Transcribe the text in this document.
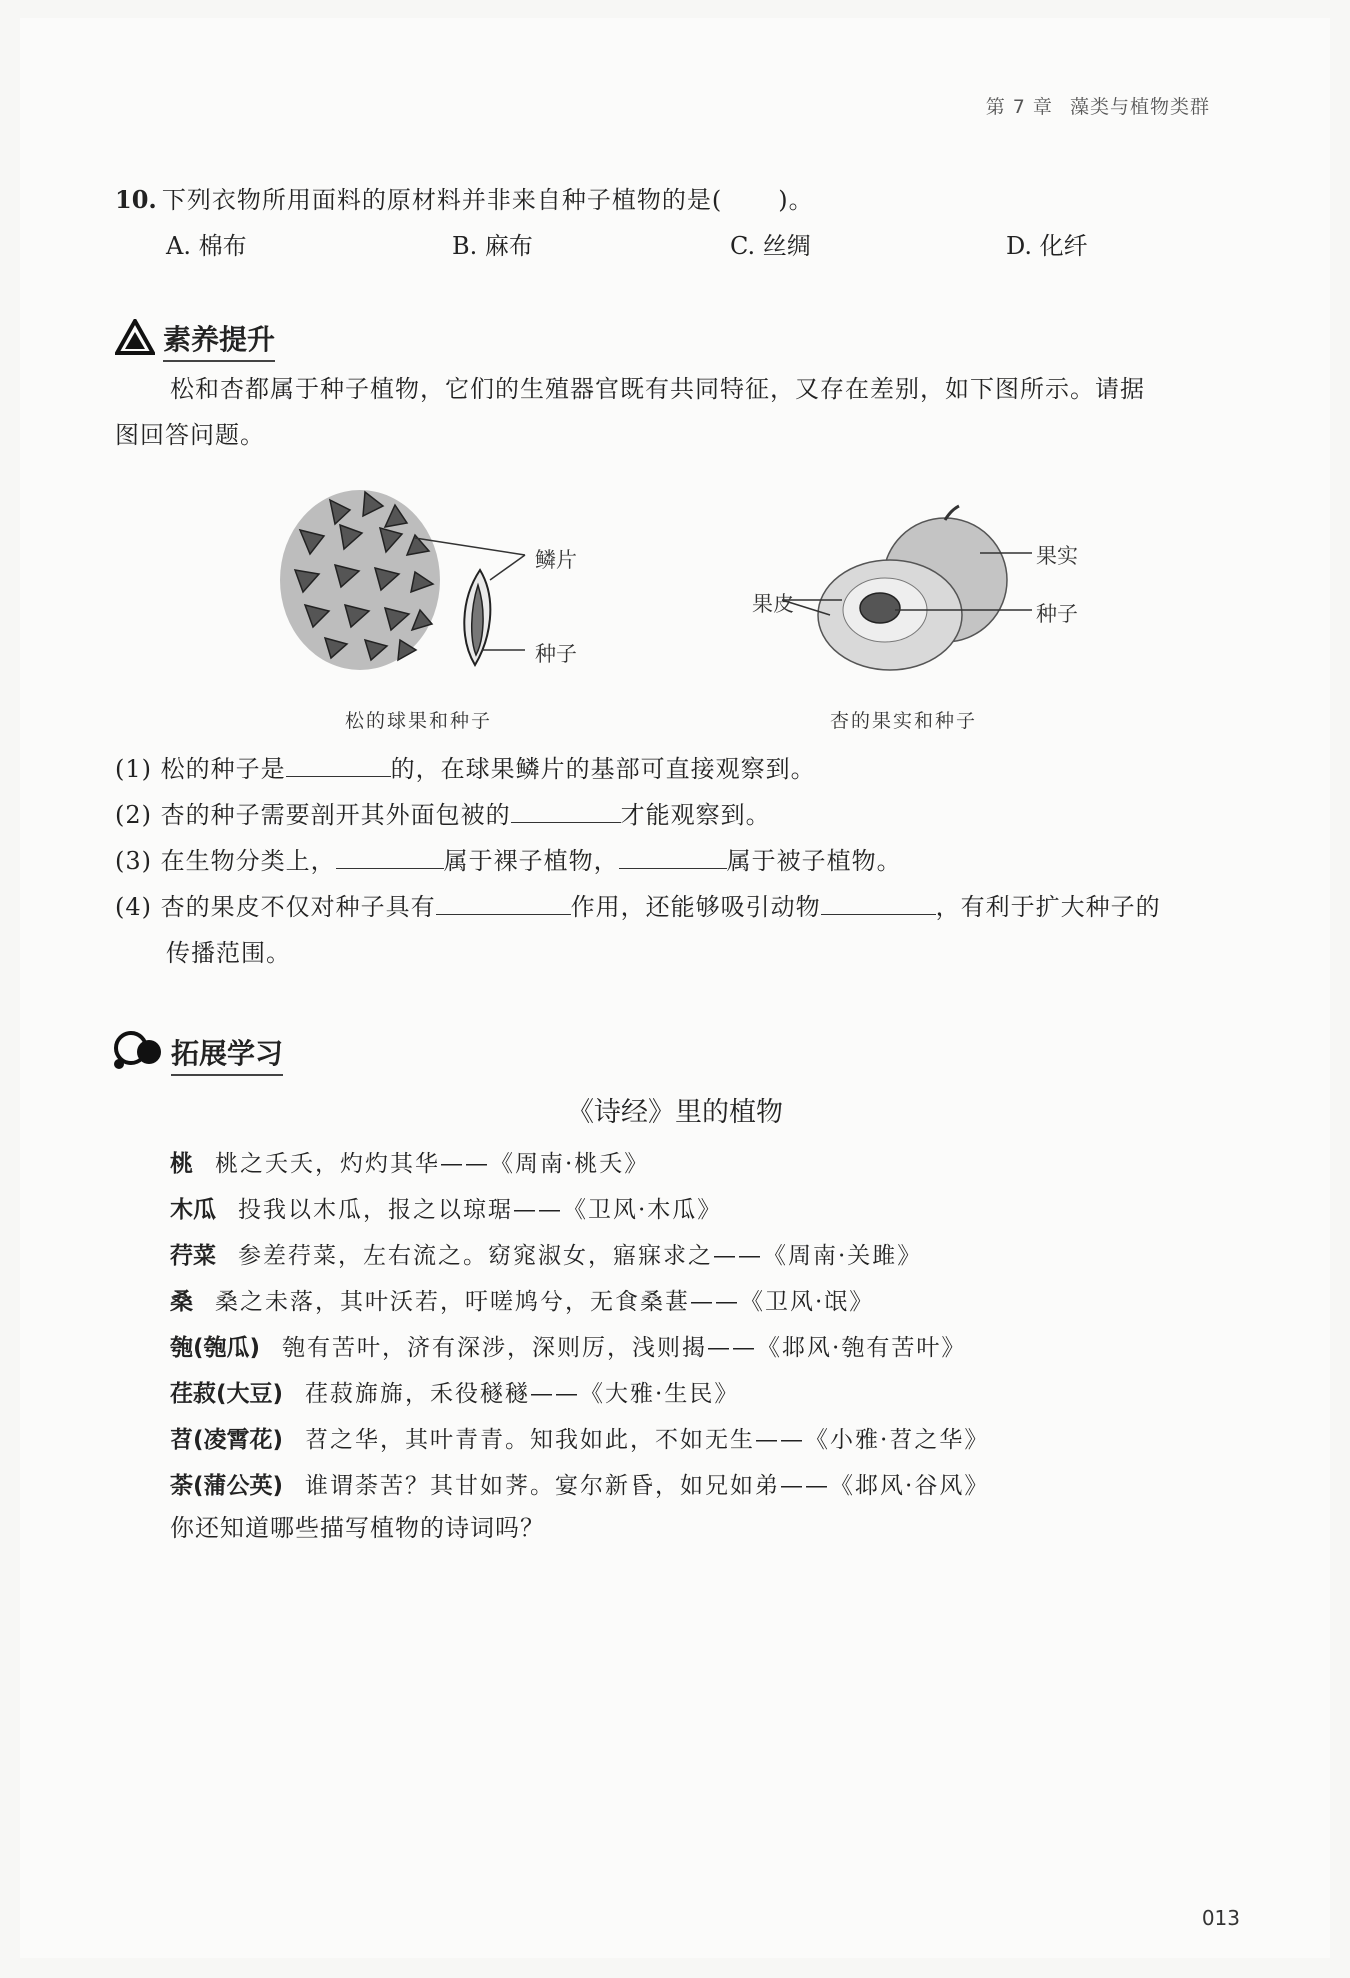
第 7 章 藻类与植物类群
10. 下列衣物所用面料的原材料并非来自种子植物的是( )。
A. 棉布	B. 麻布	C. 丝绸	D. 化纤
素养提升
松和杏都属于种子植物，它们的生殖器官既有共同特征，又存在差别，如下图所示。请据
图回答问题。
鳞片
种子
松的球果和种子
果皮
果实
种子
杏的果实和种子
(1) 松的种子是	的，在球果鳞片的基部可直接观察到。
(2) 杏的种子需要剖开其外面包被的	才能观察到。
(3) 在生物分类上，	属于裸子植物，	属于被子植物。
(4) 杏的果皮不仅对种子具有	作用，还能够吸引动物	，有利于扩大种子的
传播范围。
拓展学习
《诗经》里的植物
桃 桃之夭夭，灼灼其华——《周南·桃夭》
木瓜 投我以木瓜，报之以琼琚——《卫风·木瓜》
荇菜 参差荇菜，左右流之。窈窕淑女，寤寐求之——《周南·关雎》
桑 桑之未落，其叶沃若，吁嗟鸠兮，无食桑葚——《卫风·氓》
匏(匏瓜) 匏有苦叶，济有深涉，深则厉，浅则揭——《邶风·匏有苦叶》
荏菽(大豆) 荏菽旆旆，禾役穟穟——《大雅·生民》
苕(凌霄花) 苕之华，其叶青青。知我如此，不如无生——《小雅·苕之华》
荼(蒲公英) 谁谓荼苦？其甘如荠。宴尔新昏，如兄如弟——《邶风·谷风》
你还知道哪些描写植物的诗词吗？
013
